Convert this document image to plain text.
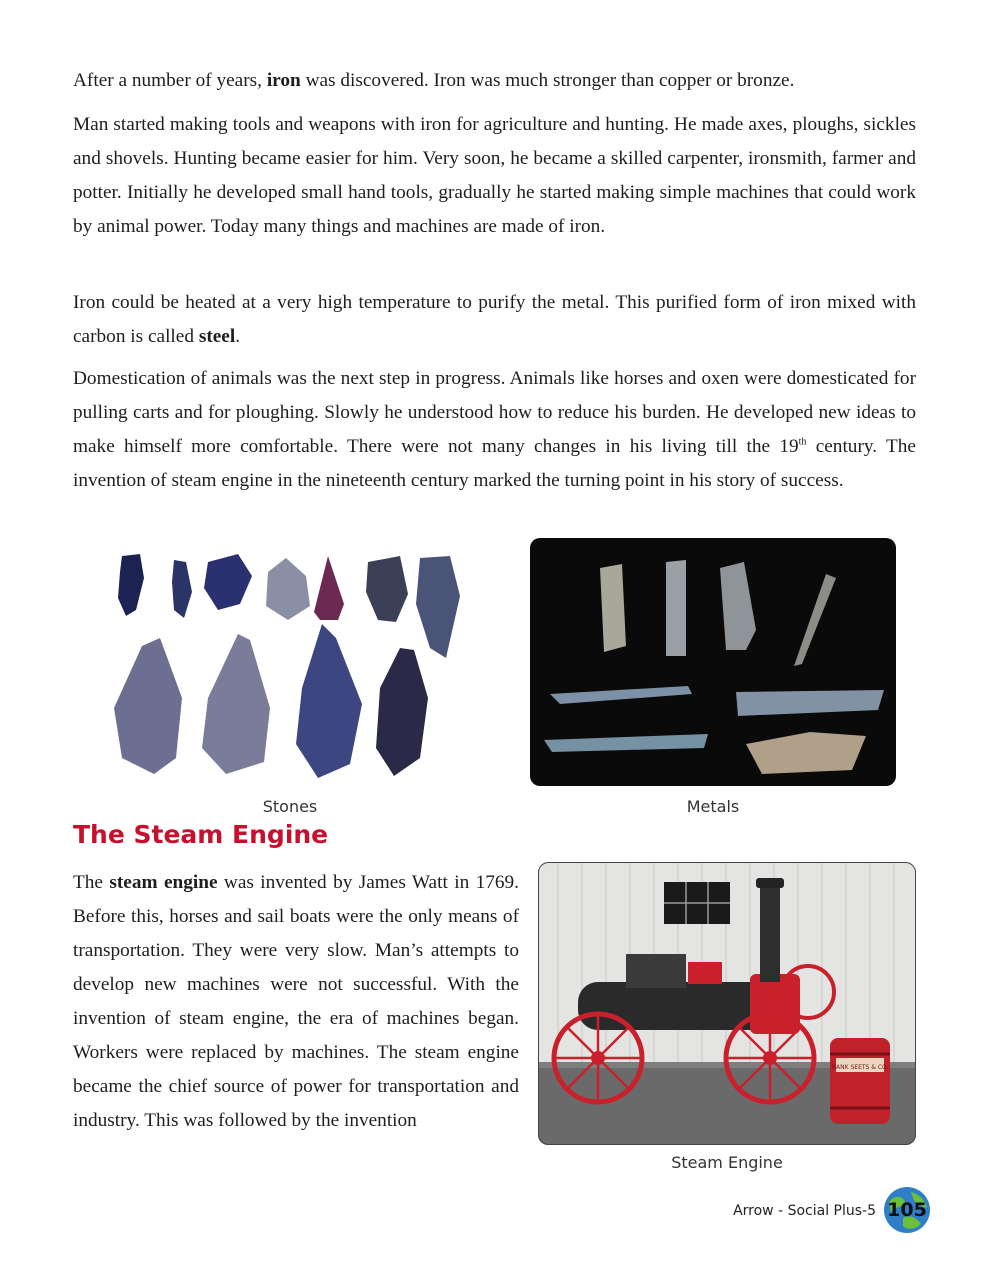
After a number of years, iron was discovered. Iron was much stronger than copper or bronze.

Man started making tools and weapons with iron for agriculture and hunting. He made axes, ploughs, sickles and shovels. Hunting became easier for him. Very soon, he became a skilled carpenter, ironsmith, farmer and potter. Initially he developed small hand tools, gradually he started making simple machines that could work by animal power. Today many things and machines are made of iron.

Iron could be heated at a very high temperature to purify the metal. This purified form of iron mixed with carbon is called steel.

Domestication of animals was the next step in progress. Animals like horses and oxen were domesticated for pulling carts and for ploughing. Slowly he understood how to reduce his burden. He developed new ideas to make himself more comfortable. There were not many changes in his living till the 19th century. The invention of steam engine in the nineteenth century marked the turning point in his story of success.

Stones	Metals

The Steam Engine

The steam engine was invented by James Watt in 1769. Before this, horses and sail boats were the only means of transportation. They were very slow. Man’s attempts to develop new machines were not successful. With the invention of steam engine, the era of machines began. Workers were replaced by machines. The steam engine became the chief source of power for transportation and industry. This was followed by the invention

HANK SEETS & CO.

Steam Engine

Arrow - Social Plus-5 105
